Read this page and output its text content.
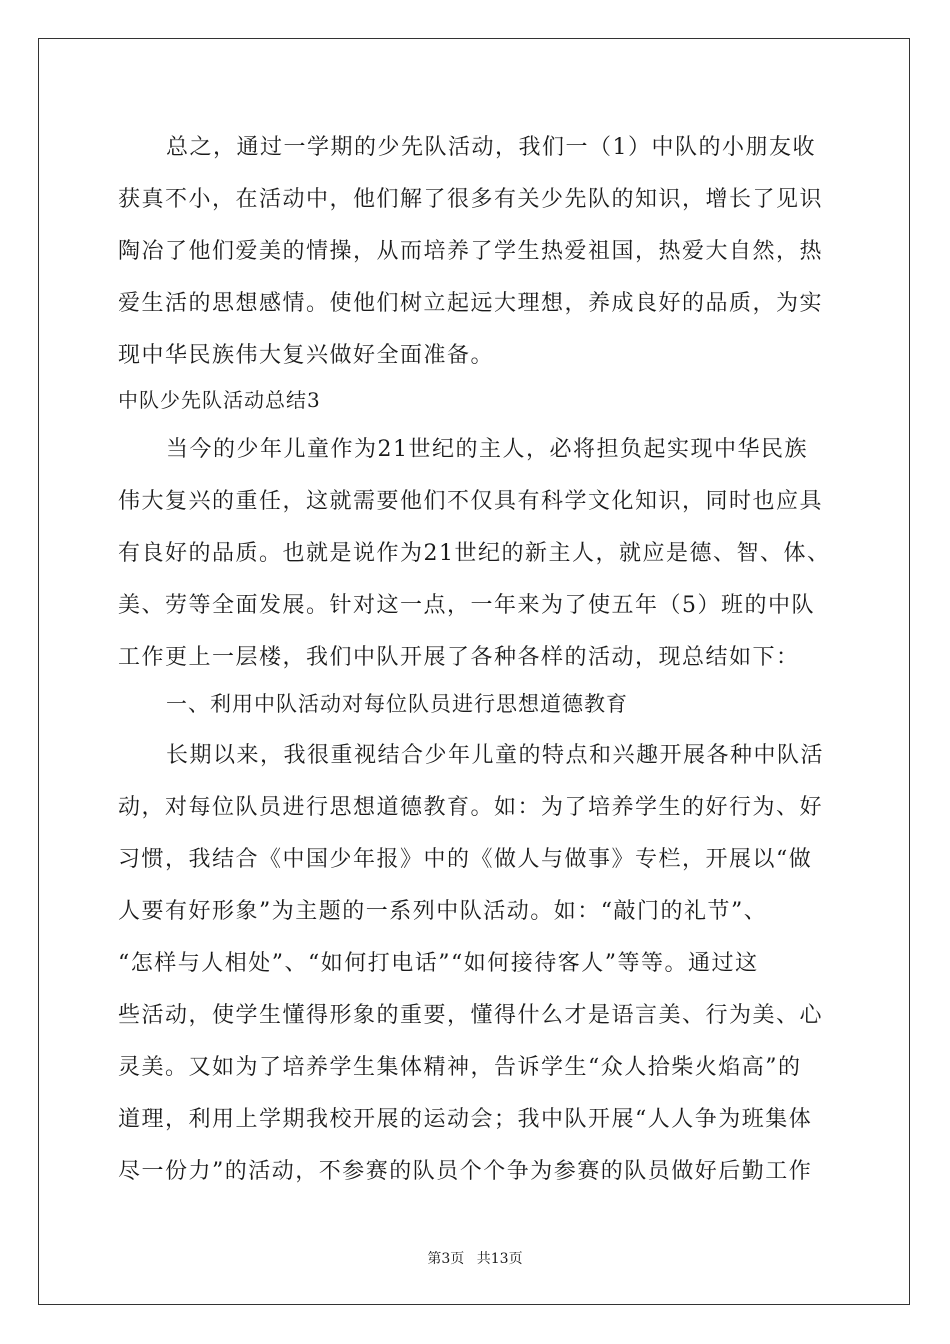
总之，通过一学期的少先队活动，我们一（1）中队的小朋友收
获真不小，在活动中，他们解了很多有关少先队的知识，增长了见识
陶冶了他们爱美的情操，从而培养了学生热爱祖国，热爱大自然，热
爱生活的思想感情。使他们树立起远大理想，养成良好的品质，为实
现中华民族伟大复兴做好全面准备。
中队少先队活动总结3
当今的少年儿童作为21世纪的主人，必将担负起实现中华民族
伟大复兴的重任，这就需要他们不仅具有科学文化知识，同时也应具
有良好的品质。也就是说作为21世纪的新主人，就应是德、智、体、
美、劳等全面发展。针对这一点，一年来为了使五年（5）班的中队
工作更上一层楼，我们中队开展了各种各样的活动，现总结如下：
一、利用中队活动对每位队员进行思想道德教育
长期以来，我很重视结合少年儿童的特点和兴趣开展各种中队活
动，对每位队员进行思想道德教育。如：为了培养学生的好行为、好
习惯，我结合《中国少年报》中的《做人与做事》专栏，开展以“做
人要有好形象”为主题的一系列中队活动。如：“敲门的礼节”、
“怎样与人相处”、“如何打电话”“如何接待客人”等等。通过这
些活动，使学生懂得形象的重要，懂得什么才是语言美、行为美、心
灵美。又如为了培养学生集体精神，告诉学生“众人拾柴火焰高”的
道理，利用上学期我校开展的运动会；我中队开展“人人争为班集体
尽一份力”的活动，不参赛的队员个个争为参赛的队员做好后勤工作
第3页 共13页
